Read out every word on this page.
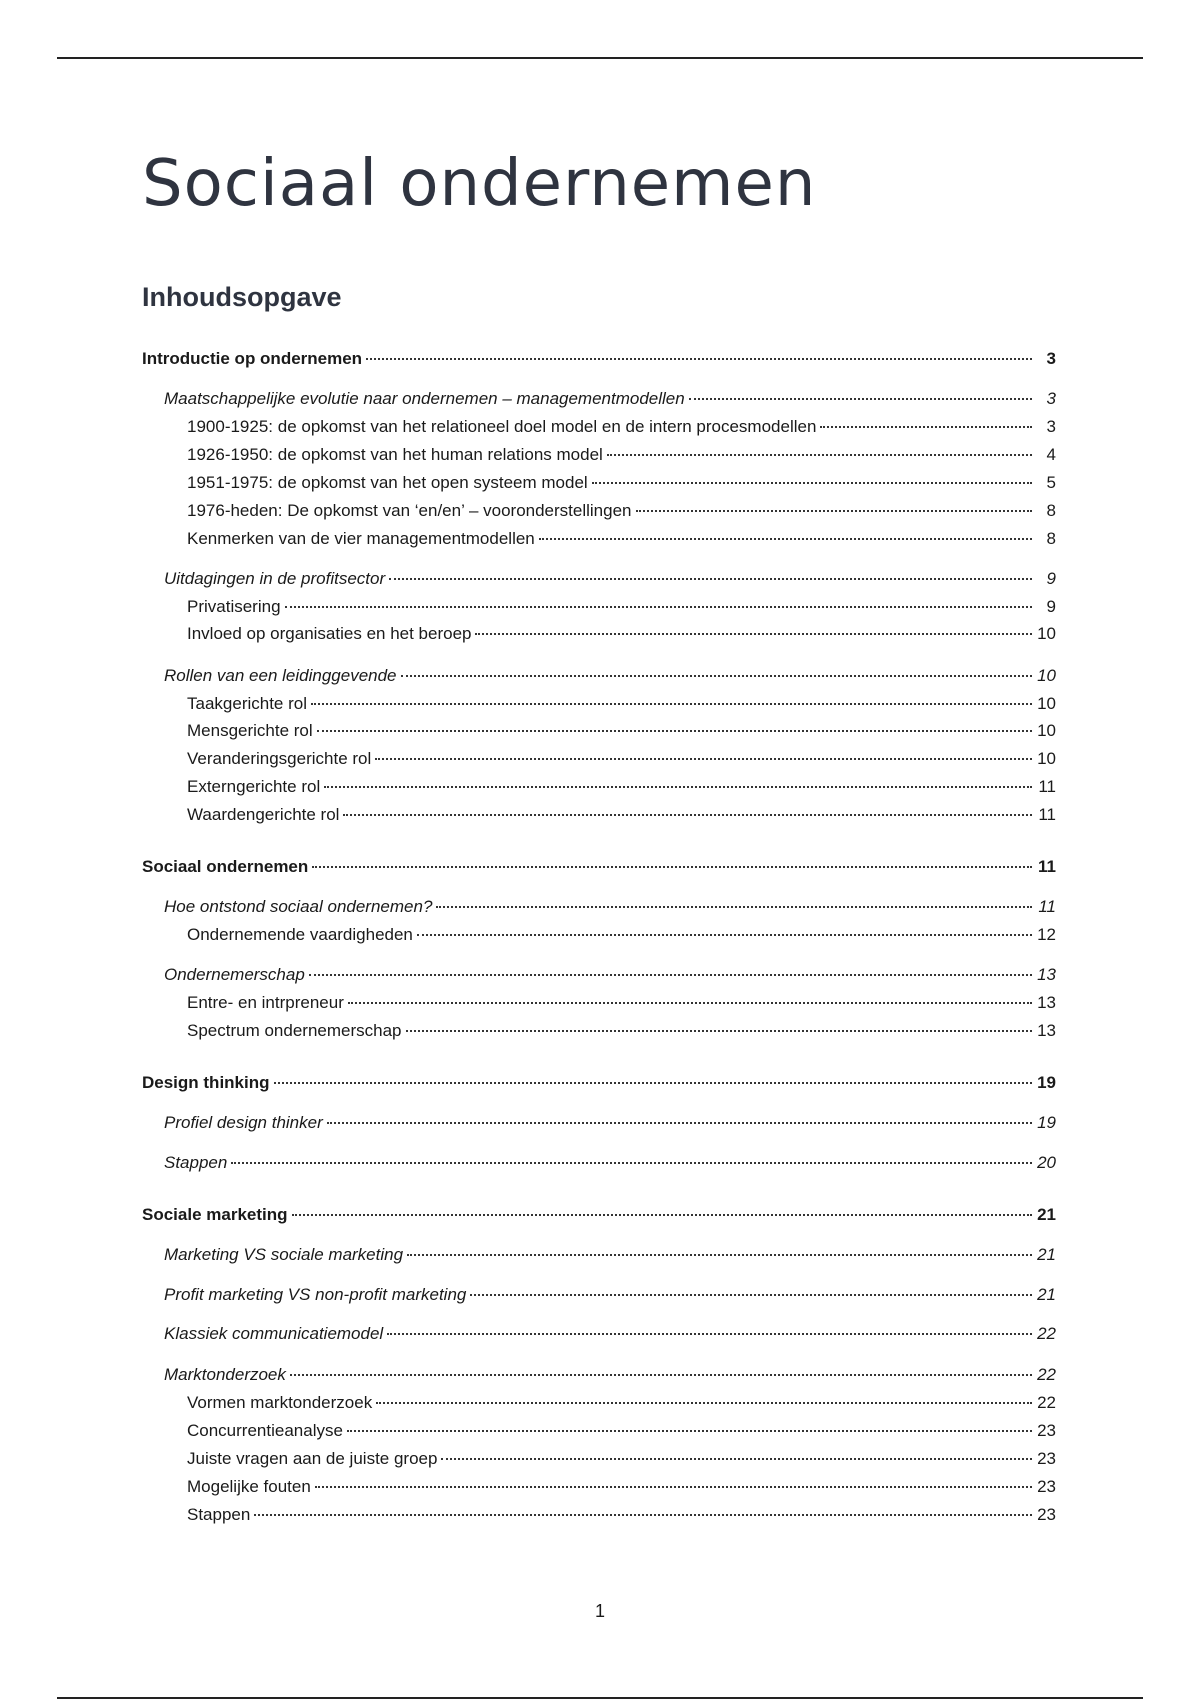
Sociaal ondernemen
Inhoudsopgave
Introductie op ondernemen	3
Maatschappelijke evolutie naar ondernemen – managementmodellen	3
1900-1925: de opkomst van het relationeel doel model en de intern procesmodellen	3
1926-1950: de opkomst van het human relations model	4
1951-1975: de opkomst van het open systeem model	5
1976-heden: De opkomst van ‘en/en’ – vooronderstellingen	8
Kenmerken van de vier managementmodellen	8
Uitdagingen in de profitsector	9
Privatisering	9
Invloed op organisaties en het beroep	10
Rollen van een leidinggevende	10
Taakgerichte rol	10
Mensgerichte rol	10
Veranderingsgerichte rol	10
Externgerichte rol	11
Waardengerichte rol	11
Sociaal ondernemen	11
Hoe ontstond sociaal ondernemen?	11
Ondernemende vaardigheden	12
Ondernemerschap	13
Entre- en intrpreneur	13
Spectrum ondernemerschap	13
Design thinking	19
Profiel design thinker	19
Stappen	20
Sociale marketing	21
Marketing VS sociale marketing	21
Profit marketing VS non-profit marketing	21
Klassiek communicatiemodel	22
Marktonderzoek	22
Vormen marktonderzoek	22
Concurrentieanalyse	23
Juiste vragen aan de juiste groep	23
Mogelijke fouten	23
Stappen	23
1
